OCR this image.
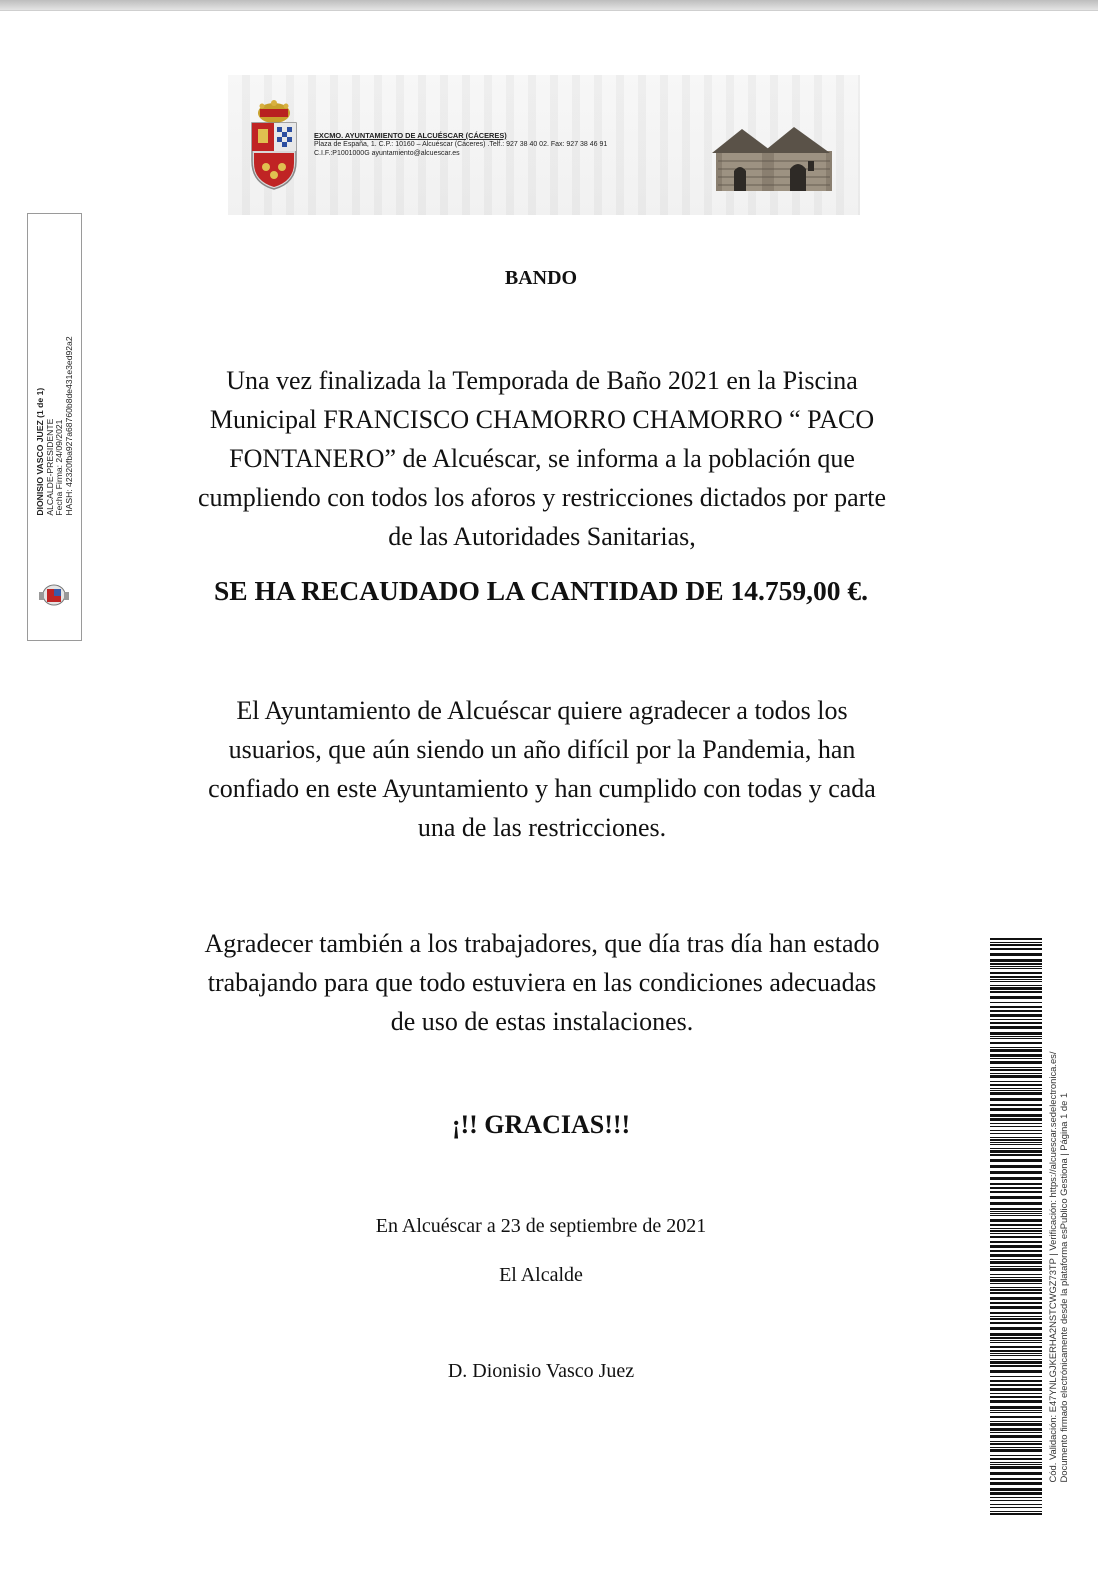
EXCMO. AYUNTAMIENTO DE ALCUÉSCAR (CÁCERES)
Plaza de España, 1. C.P.: 10160 – Alcuéscar (Cáceres) .Telf.: 927 38 40 02. Fax: 927 38 46 91
C.I.F.:P1001000G ayuntamiento@alcuescar.es
DIONISIO VASCO JUEZ (1 de 1) ALCALDE-PRESIDENTE Fecha Firma: 24/09/2021 HASH: 42320fba927a68760b8de431e3ed92a2
BANDO
Una vez finalizada la Temporada de Baño 2021 en la Piscina
Municipal FRANCISCO CHAMORRO CHAMORRO “ PACO
FONTANERO” de Alcuéscar, se informa a la población que
cumpliendo con todos los aforos y restricciones dictados por parte
de las Autoridades Sanitarias,
SE HA RECAUDADO LA CANTIDAD DE 14.759,00 €.
El Ayuntamiento de Alcuéscar quiere agradecer a todos los
usuarios, que aún siendo un año difícil por la Pandemia, han
confiado en este Ayuntamiento y han cumplido con todas y cada
una de las restricciones.
Agradecer también a los trabajadores, que día tras día han estado
trabajando para que todo estuviera en las condiciones adecuadas
de uso de estas instalaciones.
¡!! GRACIAS!!!
En Alcuéscar a 23 de septiembre de 2021
El Alcalde
D. Dionisio Vasco Juez	Cód. Validación: E47YNLGJKERHA2NSTCWGZ73TP | Verificación: https://alcuescar.sedelectronica.es/ Documento firmado electrónicamente desde la plataforma esPublico Gestiona | Página 1 de 1
